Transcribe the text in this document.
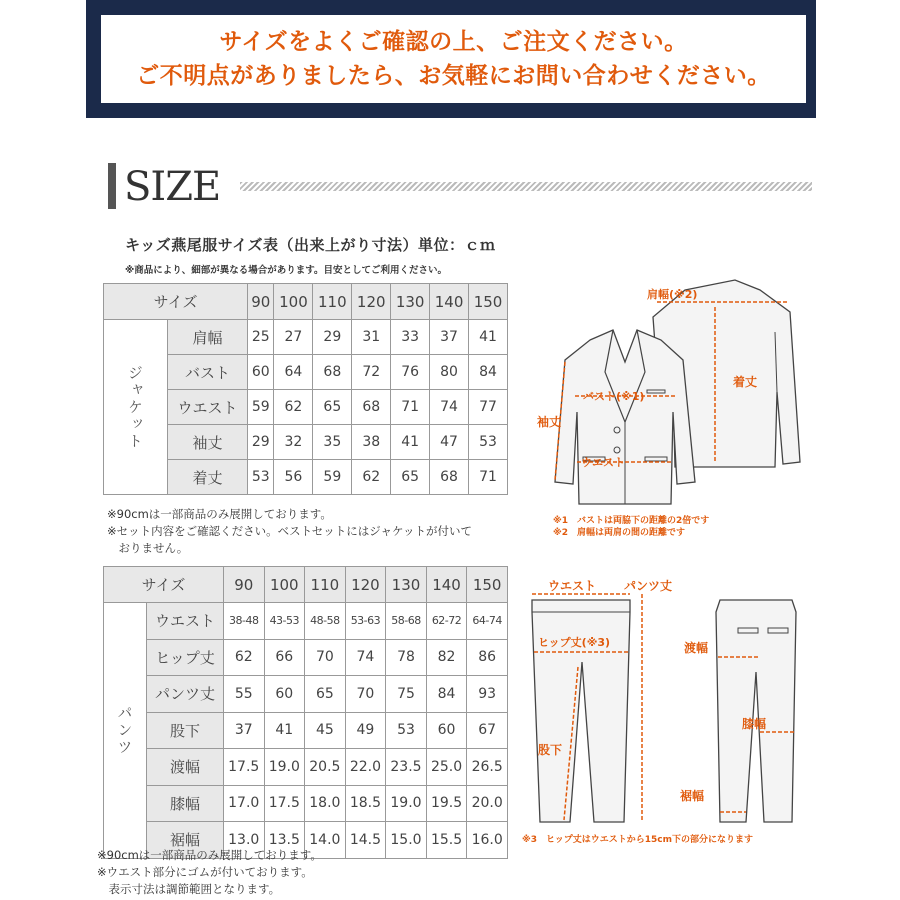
サイズをよくご確認の上、ご注文ください。
ご不明点がありましたら、お気軽にお問い合わせください。
SIZE
キッズ燕尾服サイズ表（出来上がり寸法）単位：ｃｍ
※商品により、細部が異なる場合があります。目安としてご利用ください。
サイズ		90	100	110	120	130	140	150
ジャケット	肩幅	25	27	29	31	33	37	41
	バスト	60	64	68	72	76	80	84
	ウエスト	59	62	65	68	71	74	77
	袖丈	29	32	35	38	41	47	53
	着丈	53	56	59	62	65	68	71
※90cmは一部商品のみ展開しております。
※セット内容をご確認ください。ベストセットにはジャケットが付いて
　おりません。
サイズ		90	100	110	120	130	140	150
パンツ	ウエスト	38-48	43-53	48-58	53-63	58-68	62-72	64-74
	ヒップ丈	62	66	70	74	78	82	86
	パンツ丈	55	60	65	70	75	84	93
	股下	37	41	45	49	53	60	67
	渡幅	17.5	19.0	20.5	22.0	23.5	25.0	26.5
	膝幅	17.0	17.5	18.0	18.5	19.0	19.5	20.0
	裾幅	13.0	13.5	14.0	14.5	15.0	15.5	16.0
※90cmは一部商品のみ展開しております。
※ウエスト部分にゴムが付いております。
　表示寸法は調節範囲となります。
肩幅(※2)
着丈
バスト(※1)
袖丈
ウエスト
※1　バストは両脇下の距離の2倍です
※2　肩幅は両肩の間の距離です
ウエスト パンツ丈
ヒップ丈(※3)	渡幅
膝幅
股下
裾幅
※3　ヒップ丈はウエストから15cm下の部分になります
